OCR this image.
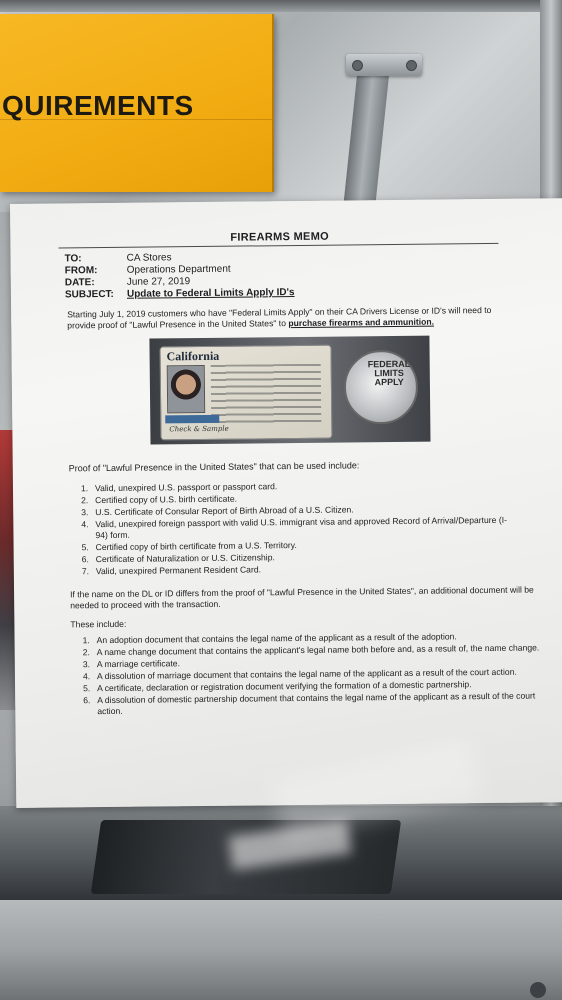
QUIREMENTS
FIREARMS MEMO
TO:	CA Stores
FROM:	Operations Department
DATE:	June 27, 2019
SUBJECT: Update to Federal Limits Apply ID's
Starting July 1, 2019 customers who have "Federal Limits Apply" on their CA Drivers License or ID's will need to provide proof of "Lawful Presence in the United States" to purchase firearms and ammunition.
California
Check & Sample
FEDERAL
LIMITS
APPLY
Proof of "Lawful Presence in the United States" that can be used include:
1. Valid, unexpired U.S. passport or passport card.
2. Certified copy of U.S. birth certificate.
3. U.S. Certificate of Consular Report of Birth Abroad of a U.S. Citizen.
4. Valid, unexpired foreign passport with valid U.S. immigrant visa and approved Record of Arrival/Departure (I-94) form.
5. Certified copy of birth certificate from a U.S. Territory.
6. Certificate of Naturalization or U.S. Citizenship.
7. Valid, unexpired Permanent Resident Card.
If the name on the DL or ID differs from the proof of "Lawful Presence in the United States", an additional document will be needed to proceed with the transaction.
These include:
1. An adoption document that contains the legal name of the applicant as a result of the adoption.
2. A name change document that contains the applicant's legal name both before and, as a result of, the name change.
3. A marriage certificate.
4. A dissolution of marriage document that contains the legal name of the applicant as a result of the court action.
5. A certificate, declaration or registration document verifying the formation of a domestic partnership.
6. A dissolution of domestic partnership document that contains the legal name of the applicant as a result of the court action.
